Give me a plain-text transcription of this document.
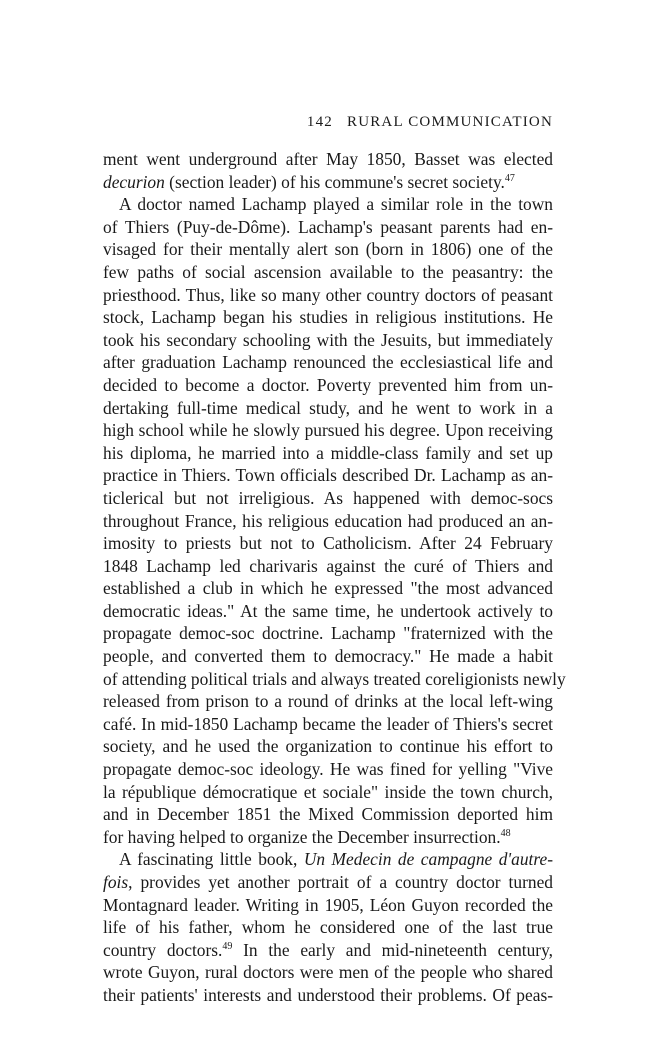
142 RURAL COMMUNICATION
ment went underground after May 1850, Basset was elected
decurion (section leader) of his commune's secret society.$^{47}$
A doctor named Lachamp played a similar role in the town
of Thiers (Puy-de-Dôme). Lachamp's peasant parents had en-
visaged for their mentally alert son (born in 1806) one of the
few paths of social ascension available to the peasantry: the
priesthood. Thus, like so many other country doctors of peasant
stock, Lachamp began his studies in religious institutions. He
took his secondary schooling with the Jesuits, but immediately
after graduation Lachamp renounced the ecclesiastical life and
decided to become a doctor. Poverty prevented him from un-
dertaking full-time medical study, and he went to work in a
high school while he slowly pursued his degree. Upon receiving
his diploma, he married into a middle-class family and set up
practice in Thiers. Town officials described Dr. Lachamp as an-
ticlerical but not irreligious. As happened with democ-socs
throughout France, his religious education had produced an an-
imosity to priests but not to Catholicism. After 24 February
1848 Lachamp led charivaris against the curé of Thiers and
established a club in which he expressed "the most advanced
democratic ideas." At the same time, he undertook actively to
propagate democ-soc doctrine. Lachamp "fraternized with the
people, and converted them to democracy." He made a habit
of attending political trials and always treated coreligionists newly
released from prison to a round of drinks at the local left-wing
café. In mid-1850 Lachamp became the leader of Thiers's secret
society, and he used the organization to continue his effort to
propagate democ-soc ideology. He was fined for yelling "Vive
la république démocratique et sociale" inside the town church,
and in December 1851 the Mixed Commission deported him
for having helped to organize the December insurrection.$^{48}$
A fascinating little book, Un Medecin de campagne d'autre-
fois, provides yet another portrait of a country doctor turned
Montagnard leader. Writing in 1905, Léon Guyon recorded the
life of his father, whom he considered one of the last true
country doctors.$^{49}$ In the early and mid-nineteenth century,
wrote Guyon, rural doctors were men of the people who shared
their patients' interests and understood their problems. Of peas-
